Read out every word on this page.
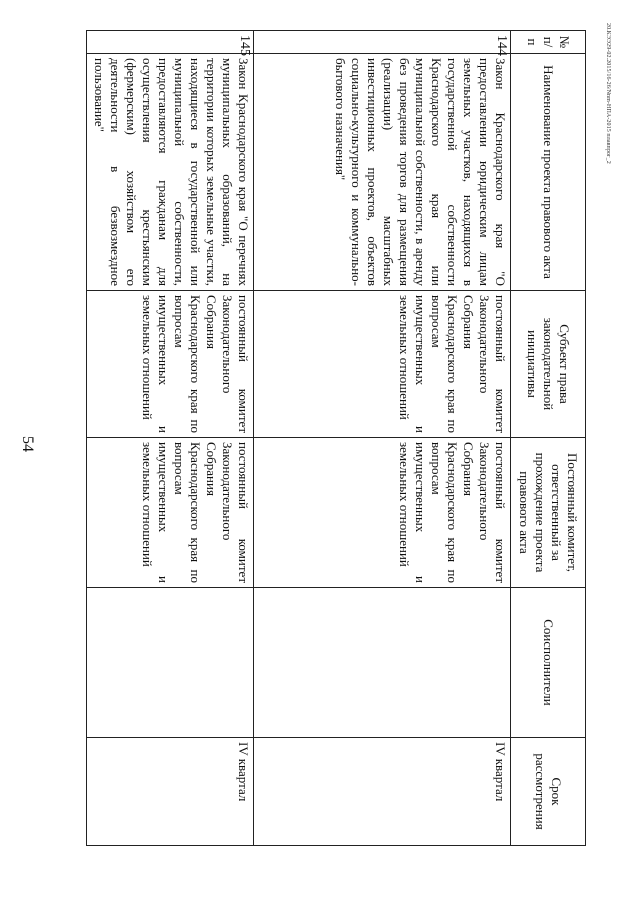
54
20.КЭЭ29-02.2015/16-26/Nnm-НПА-2015 плавпрог_2
№ п/п	Наименование проекта правового акта	Субъект права законодательной инициативы	Постоянный комитет, ответственный за прохождение проекта правового акта	Соисполнители	Срок рассмотрения
144	Закон Краснодарского края "О предоставлении юридическим лицам земельных участков, находящихся в государственной собственности Краснодарского края или муниципальной собственности, в аренду без проведения торгов для размещения (реализации) масштабных инвестиционных проектов, объектов социально-культурного и коммунально-бытового назначения"	постоянный комитет Законодательного Собрания Краснодарского края по вопросам имущественных и земельных отношений	постоянный комитет Законодательного Собрания Краснодарского края по вопросам имущественных и земельных отношений		IV квартал
145	Закон Краснодарского края "О перечнях муниципальных образований, на территории которых земельные участки, находящиеся в государственной или муниципальной собственности, предоставляются гражданам для осуществления крестьянским (фермерским) хозяйством его деятельности в безвозмездное пользование"	постоянный комитет Законодательного Собрания Краснодарского края по вопросам имущественных и земельных отношений	постоянный комитет Законодательного Собрания Краснодарского края по вопросам имущественных и земельных отношений		IV квартал
